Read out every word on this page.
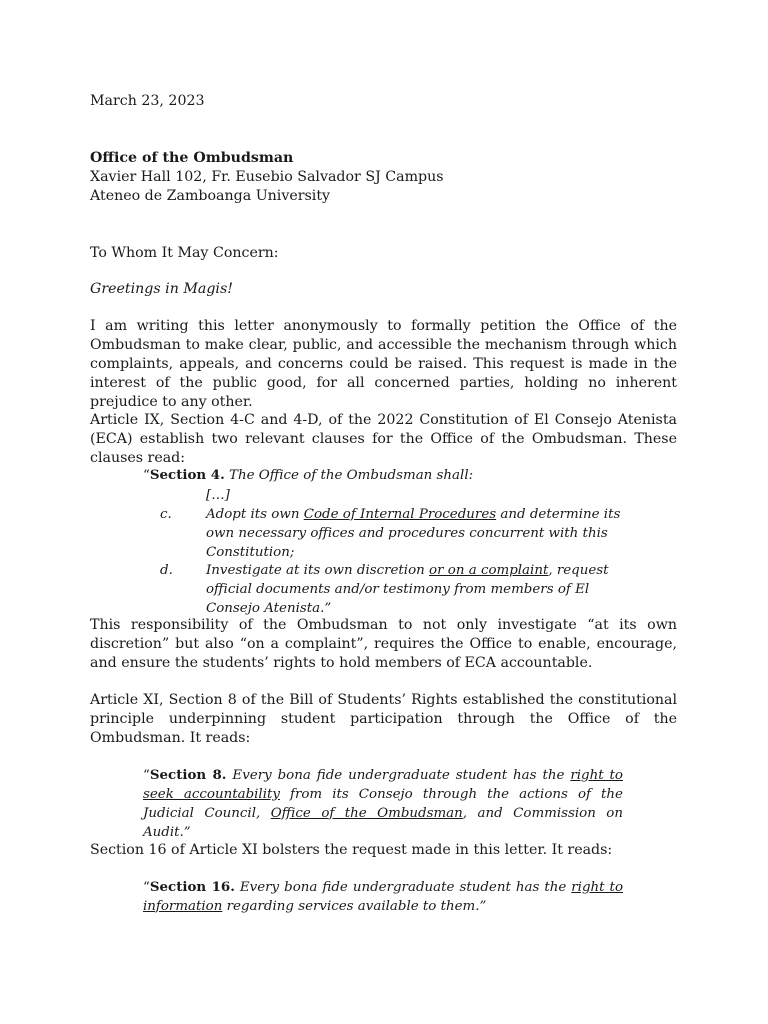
March 23, 2023

Office of the Ombudsman

Xavier Hall 102, Fr. Eusebio Salvador SJ Campus

Ateneo de Zamboanga University

To Whom It May Concern:

Greetings in Magis!

I am writing this letter anonymously to formally petition the Office of the Ombudsman to make clear, public, and accessible the mechanism through which complaints, appeals, and concerns could be raised. This request is made in the interest of the public good, for all concerned parties, holding no inherent prejudice to any other.

Article IX, Section 4-C and 4-D, of the 2022 Constitution of El Consejo Atenista (ECA) establish two relevant clauses for the Office of the Ombudsman. These clauses read:

“Section 4. The Office of the Ombudsman shall:
[…]
c.	Adopt its own Code of Internal Procedures and determine its own necessary offices and procedures concurrent with this Constitution;
d. Investigate at its own discretion or on a complaint, request official documents and/or testimony from members of El Consejo Atenista.”

This responsibility of the Ombudsman to not only investigate “at its own discretion” but also “on a complaint”, requires the Office to enable, encourage, and ensure the students’ rights to hold members of ECA accountable.

Article XI, Section 8 of the Bill of Students’ Rights established the constitutional principle underpinning student participation through the Office of the Ombudsman. It reads:

“Section 8. Every bona fide undergraduate student has the right to seek accountability from its Consejo through the actions of the Judicial Council, Office of the Ombudsman, and Commission on Audit.”

Section 16 of Article XI bolsters the request made in this letter. It reads:

“Section 16. Every bona fide undergraduate student has the right to information regarding services available to them.”
